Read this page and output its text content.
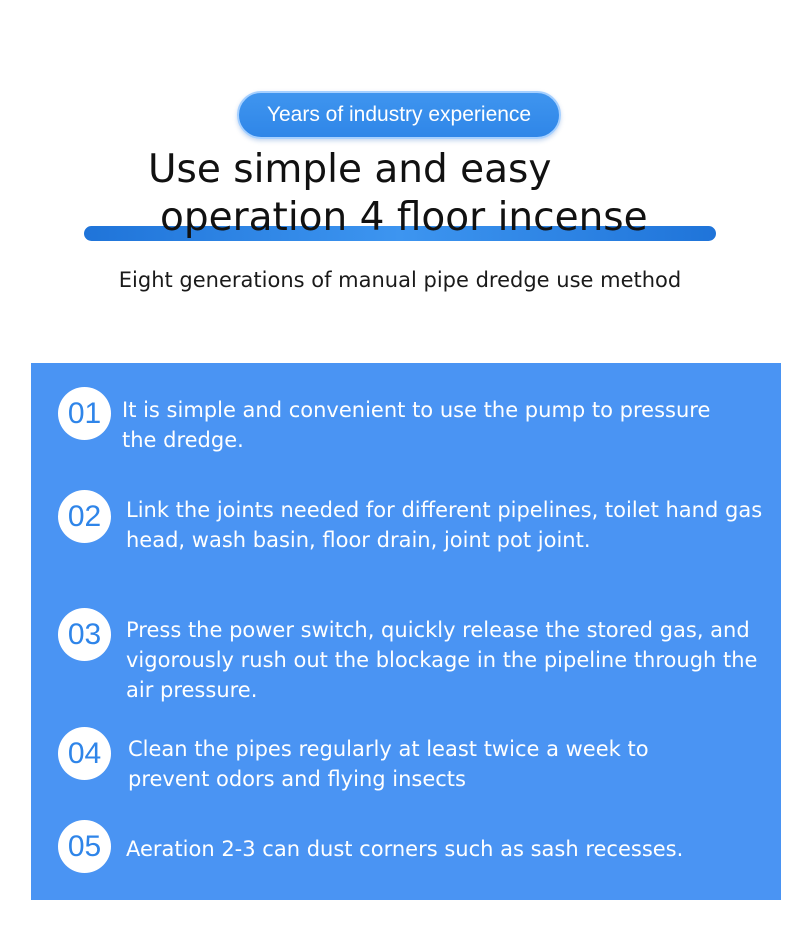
Years of industry experience
Use simple and easy
operation 4 floor incense
Eight generations of manual pipe dredge use method
01 It is simple and convenient to use the pump to pressure the dredge.
02	Link the joints needed for different pipelines, toilet hand gas head, wash basin, floor drain, joint pot joint.
03	Press the power switch, quickly release the stored gas, and vigorously rush out the blockage in the pipeline through the air pressure.
04	Clean the pipes regularly at least twice a week to prevent odors and flying insects
05	Aeration 2-3 can dust corners such as sash recesses.
